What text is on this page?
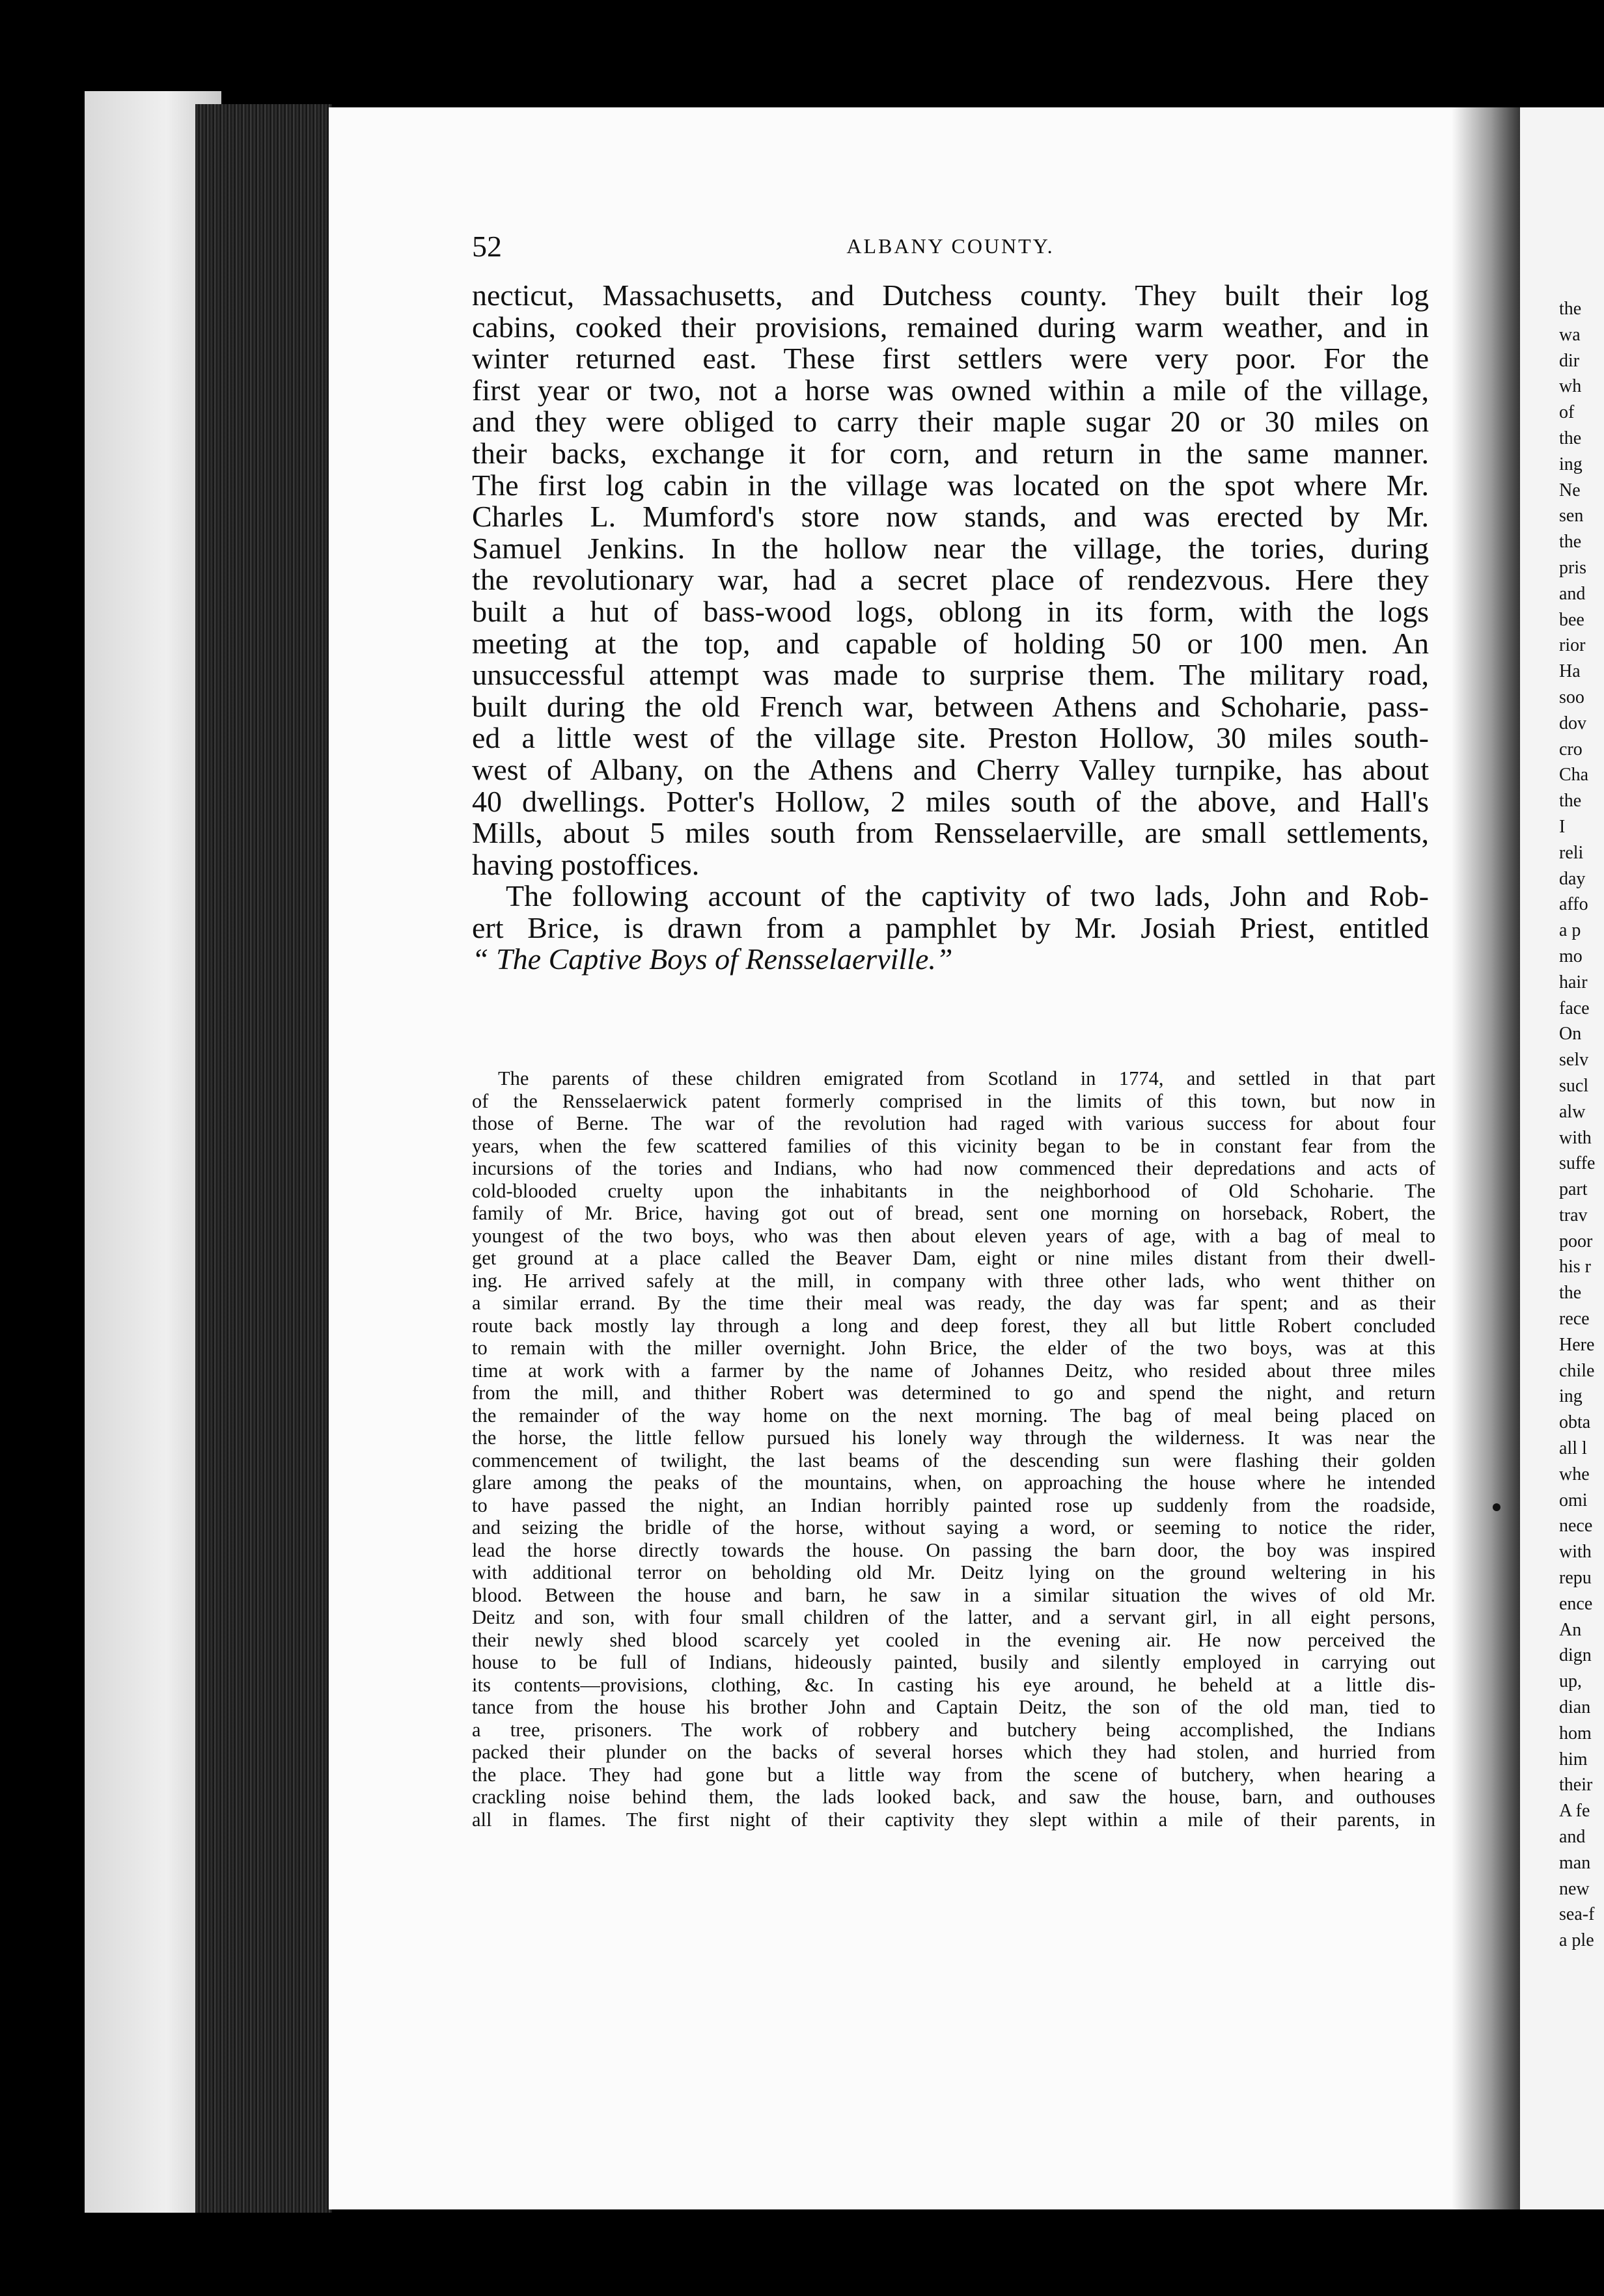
the
wa
dir
wh
of
the
ing
Ne
sen
the
pris
and
bee
rior
Ha
soo
dov
cro
Cha
the
I
reli
day
affo
a p
mo
hair
face
On
selv
sucl
alw
with
suffe
part
trav
poor
his r
the
rece
Here
chile
ing
obta
all l
whe
omi
nece
with
repu
ence
An
dign
up,
dian
hom
him
their
A fe
and
man
new
sea-f
a ple
52	ALBANY COUNTY.
necticut, Massachusetts, and Dutchess county. They built their log
cabins, cooked their provisions, remained during warm weather, and in
winter returned east. These first settlers were very poor. For the
first year or two, not a horse was owned within a mile of the village,
and they were obliged to carry their maple sugar 20 or 30 miles on
their backs, exchange it for corn, and return in the same manner.
The first log cabin in the village was located on the spot where Mr.
Charles L. Mumford's store now stands, and was erected by Mr.
Samuel Jenkins. In the hollow near the village, the tories, during
the revolutionary war, had a secret place of rendezvous. Here they
built a hut of bass-wood logs, oblong in its form, with the logs
meeting at the top, and capable of holding 50 or 100 men. An
unsuccessful attempt was made to surprise them. The military road,
built during the old French war, between Athens and Schoharie, pass-
ed a little west of the village site. Preston Hollow, 30 miles south-
west of Albany, on the Athens and Cherry Valley turnpike, has about
40 dwellings. Potter's Hollow, 2 miles south of the above, and Hall's
Mills, about 5 miles south from Rensselaerville, are small settlements,
having postoffices.
The following account of the captivity of two lads, John and Rob-
ert Brice, is drawn from a pamphlet by Mr. Josiah Priest, entitled
“ The Captive Boys of Rensselaerville.”
The parents of these children emigrated from Scotland in 1774, and settled in that part
of the Rensselaerwick patent formerly comprised in the limits of this town, but now in
those of Berne. The war of the revolution had raged with various success for about four
years, when the few scattered families of this vicinity began to be in constant fear from the
incursions of the tories and Indians, who had now commenced their depredations and acts of
cold-blooded cruelty upon the inhabitants in the neighborhood of Old Schoharie. The
family of Mr. Brice, having got out of bread, sent one morning on horseback, Robert, the
youngest of the two boys, who was then about eleven years of age, with a bag of meal to
get ground at a place called the Beaver Dam, eight or nine miles distant from their dwell-
ing. He arrived safely at the mill, in company with three other lads, who went thither on
a similar errand. By the time their meal was ready, the day was far spent; and as their
route back mostly lay through a long and deep forest, they all but little Robert concluded
to remain with the miller overnight. John Brice, the elder of the two boys, was at this
time at work with a farmer by the name of Johannes Deitz, who resided about three miles
from the mill, and thither Robert was determined to go and spend the night, and return
the remainder of the way home on the next morning. The bag of meal being placed on
the horse, the little fellow pursued his lonely way through the wilderness. It was near the
commencement of twilight, the last beams of the descending sun were flashing their golden
glare among the peaks of the mountains, when, on approaching the house where he intended
to have passed the night, an Indian horribly painted rose up suddenly from the roadside,
and seizing the bridle of the horse, without saying a word, or seeming to notice the rider,
lead the horse directly towards the house. On passing the barn door, the boy was inspired
with additional terror on beholding old Mr. Deitz lying on the ground weltering in his
blood. Between the house and barn, he saw in a similar situation the wives of old Mr.
Deitz and son, with four small children of the latter, and a servant girl, in all eight persons,
their newly shed blood scarcely yet cooled in the evening air. He now perceived the
house to be full of Indians, hideously painted, busily and silently employed in carrying out
its contents—provisions, clothing, &c. In casting his eye around, he beheld at a little dis-
tance from the house his brother John and Captain Deitz, the son of the old man, tied to
a tree, prisoners. The work of robbery and butchery being accomplished, the Indians
packed their plunder on the backs of several horses which they had stolen, and hurried from
the place. They had gone but a little way from the scene of butchery, when hearing a
crackling noise behind them, the lads looked back, and saw the house, barn, and outhouses
all in flames. The first night of their captivity they slept within a mile of their parents, in
